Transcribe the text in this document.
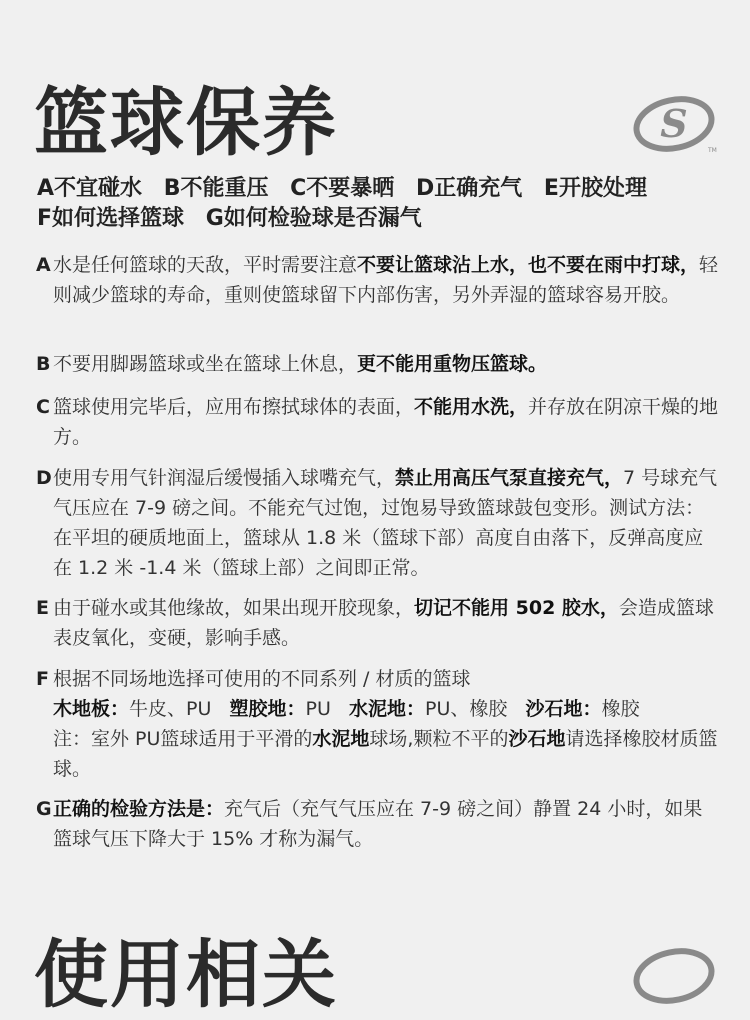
篮球保养	S
TM
A不宜碰水 B不能重压 C不要暴晒 D正确充气 E开胶处理
F如何选择篮球 G如何检验球是否漏气
A 水是任何篮球的天敌，平时需要注意不要让篮球沾上水，也不要在雨中打球，轻则减少篮球的寿命，重则使篮球留下内部伤害，另外弄湿的篮球容易开胶。
B 不要用脚踢篮球或坐在篮球上休息，更不能用重物压篮球。
C 篮球使用完毕后，应用布擦拭球体的表面，不能用水洗，并存放在阴凉干燥的地方。
D使用专用气针润湿后缓慢插入球嘴充气，禁止用高压气泵直接充气，7 号球充气气压应在 7-9 磅之间。不能充气过饱，过饱易导致篮球鼓包变形。测试方法：在平坦的硬质地面上，篮球从 1.8 米（篮球下部）高度自由落下，反弹高度应在 1.2 米 -1.4 米（篮球上部）之间即正常。
E 由于碰水或其他缘故，如果出现开胶现象，切记不能用 502 胶水，会造成篮球表皮氧化，变硬，影响手感。
F 根据不同场地选择可使用的不同系列 / 材质的篮球
木地板：牛皮、PU 塑胶地：PU 水泥地：PU、橡胶 沙石地：橡胶
注：室外 PU篮球适用于平滑的水泥地球场,颗粒不平的沙石地请选择橡胶材质篮球。
G正确的检验方法是：充气后（充气气压应在 7-9 磅之间）静置 24 小时，如果篮球气压下降大于 15% 才称为漏气。
使用相关
